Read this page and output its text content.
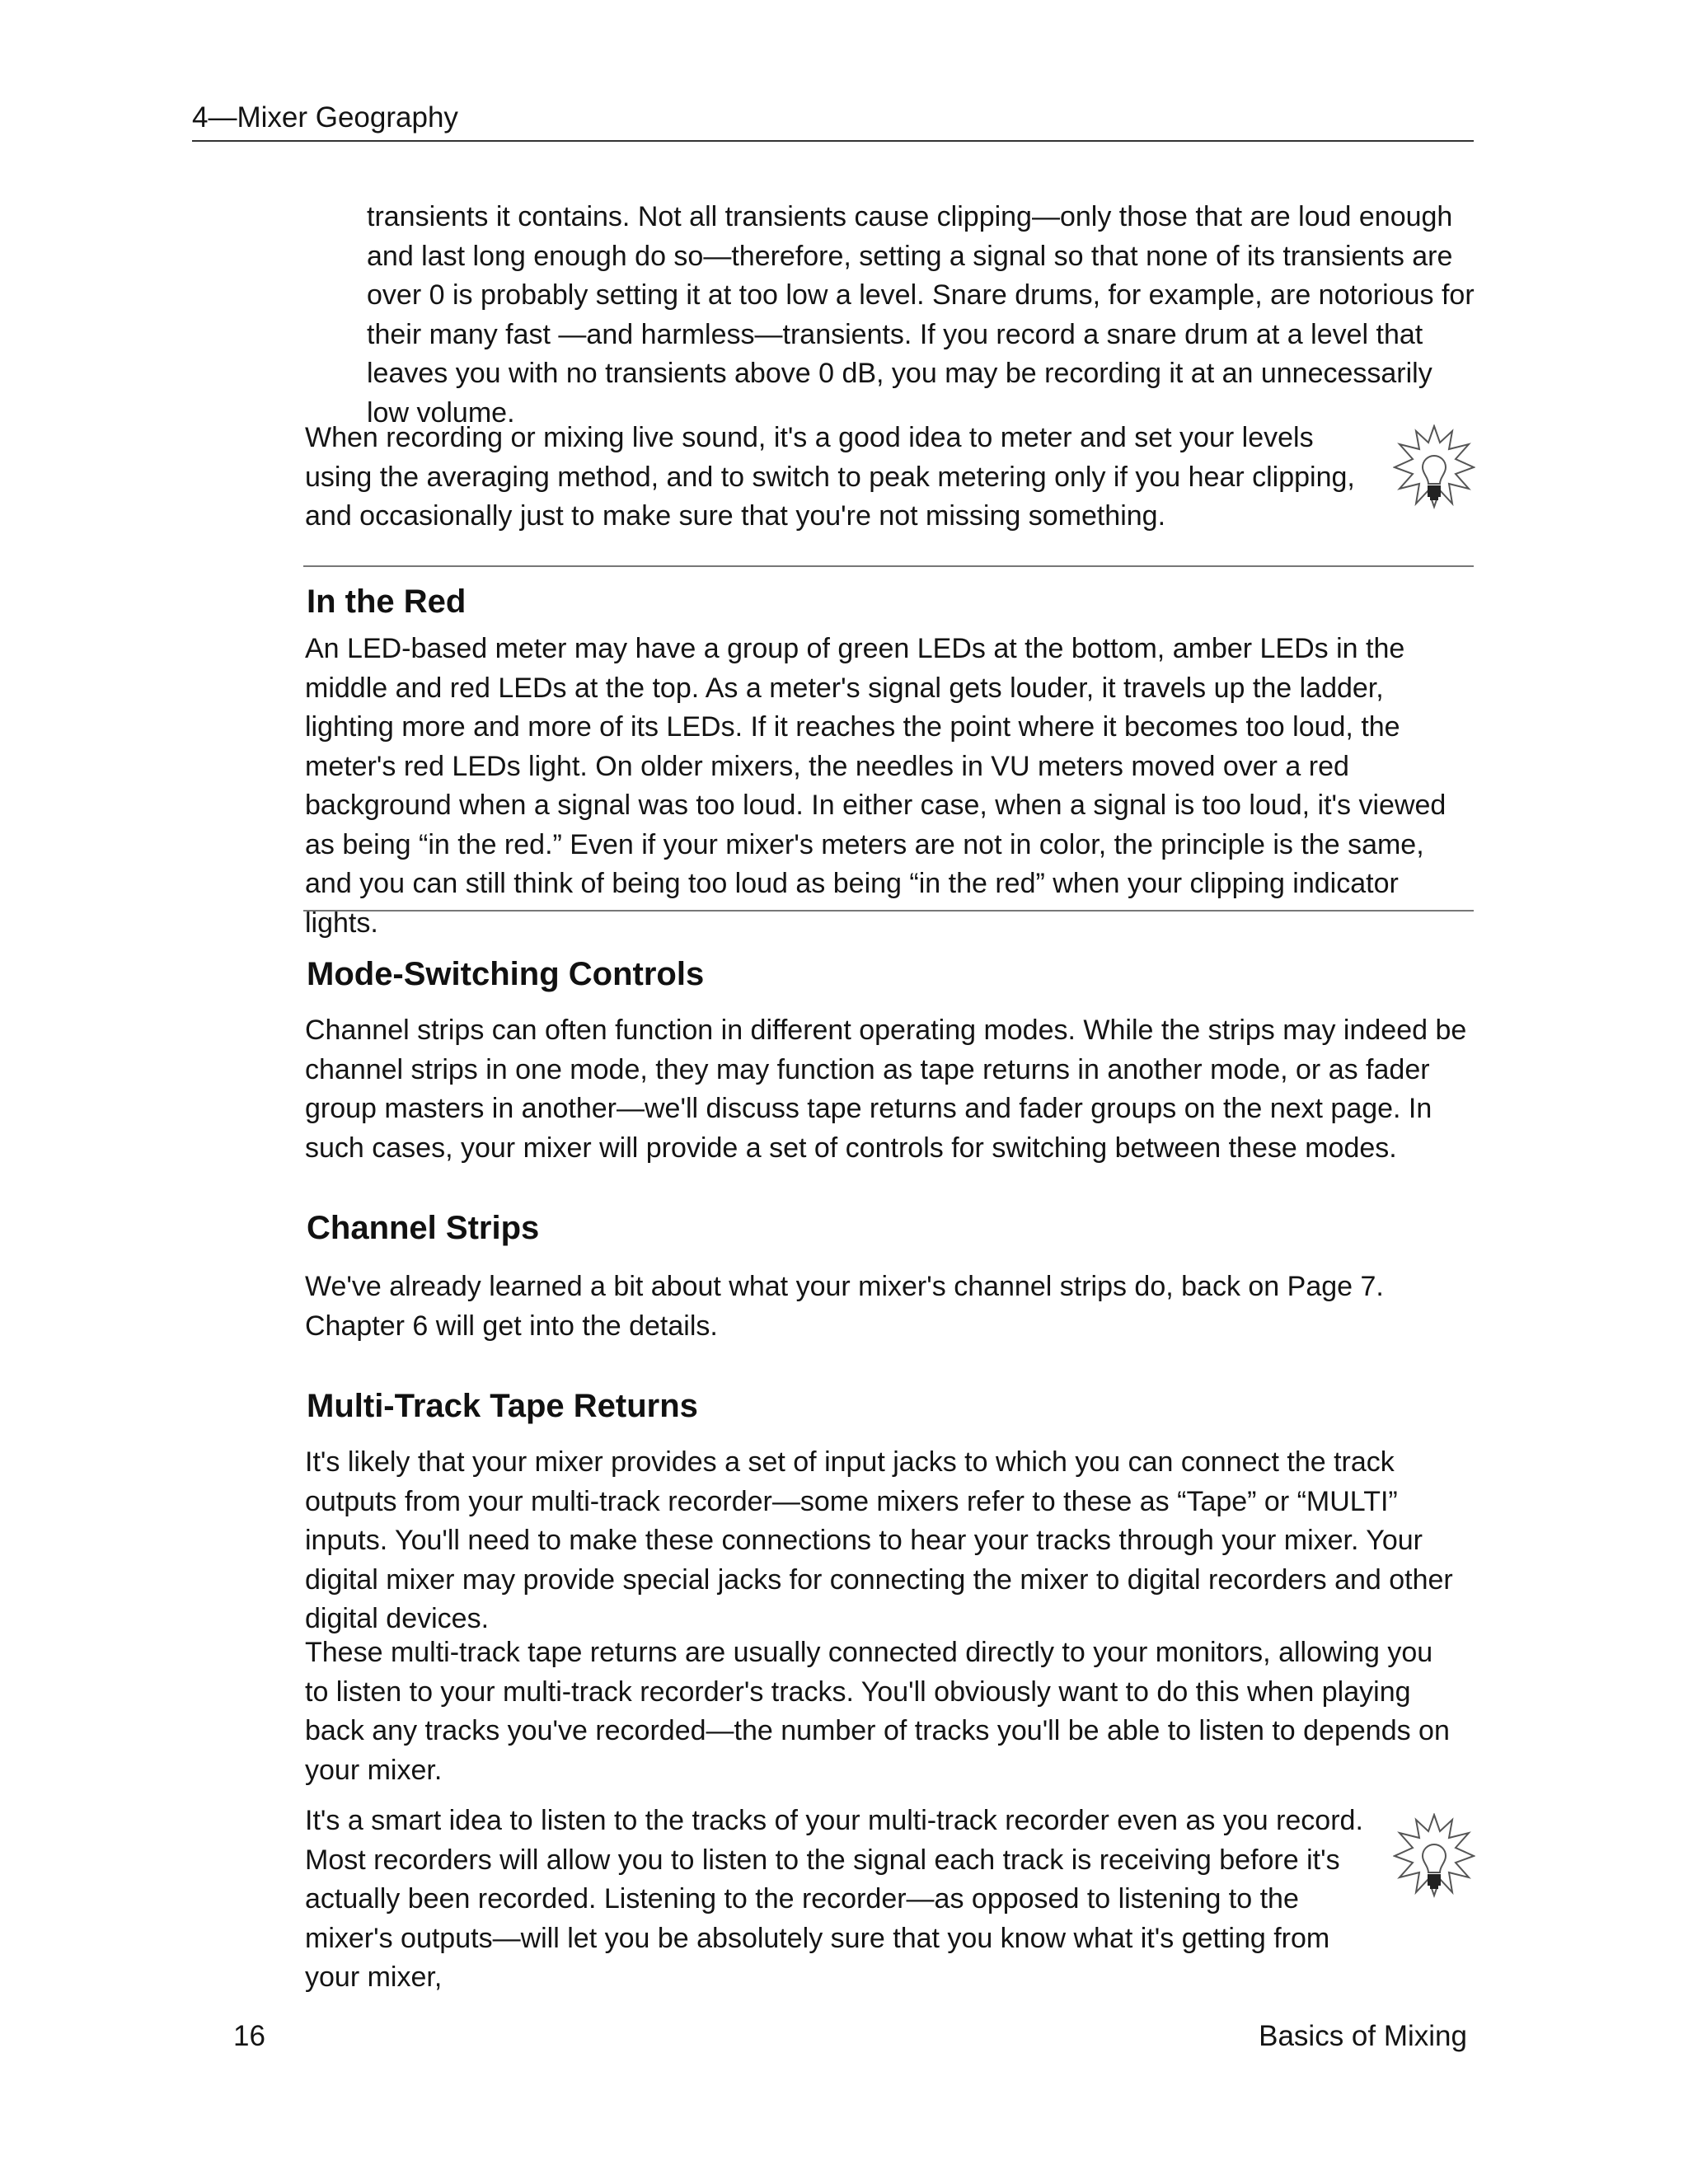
4—Mixer Geography

transients it contains. Not all transients cause clipping—only those that are loud enough and last long enough do so—therefore, setting a signal so that none of its transients are over 0 is probably setting it at too low a level. Snare drums, for example, are notorious for their many fast —and harmless—transients. If you record a snare drum at a level that leaves you with no transients above 0 dB, you may be recording it at an unnecessarily low volume.

When recording or mixing live sound, it's a good idea to meter and set your levels using the averaging method, and to switch to peak metering only if you hear clipping, and occasionally just to make sure that you're not missing something.

In the Red

An LED-based meter may have a group of green LEDs at the bottom, amber LEDs in the middle and red LEDs at the top. As a meter's signal gets louder, it travels up the ladder, lighting more and more of its LEDs. If it reaches the point where it becomes too loud, the meter's red LEDs light. On older mixers, the needles in VU meters moved over a red background when a signal was too loud. In either case, when a signal is too loud, it's viewed as being “in the red.” Even if your mixer's meters are not in color, the principle is the same, and you can still think of being too loud as being “in the red” when your clipping indicator lights.

Mode-Switching Controls

Channel strips can often function in different operating modes. While the strips may indeed be channel strips in one mode, they may function as tape returns in another mode, or as fader group masters in another—we'll discuss tape returns and fader groups on the next page. In such cases, your mixer will provide a set of controls for switching between these modes.

Channel Strips

We've already learned a bit about what your mixer's channel strips do, back on Page 7. Chapter 6 will get into the details.

Multi-Track Tape Returns

It's likely that your mixer provides a set of input jacks to which you can connect the track outputs from your multi-track recorder—some mixers refer to these as “Tape” or “MULTI” inputs. You'll need to make these connections to hear your tracks through your mixer. Your digital mixer may provide special jacks for connecting the mixer to digital recorders and other digital devices.

These multi-track tape returns are usually connected directly to your monitors, allowing you to listen to your multi-track recorder's tracks. You'll obviously want to do this when playing back any tracks you've recorded—the number of tracks you'll be able to listen to depends on your mixer.

It's a smart idea to listen to the tracks of your multi-track recorder even as you record. Most recorders will allow you to listen to the signal each track is receiving before it's actually been recorded. Listening to the recorder—as opposed to listening to the mixer's outputs—will let you be absolutely sure that you know what it's getting from your mixer,

16	Basics of Mixing
